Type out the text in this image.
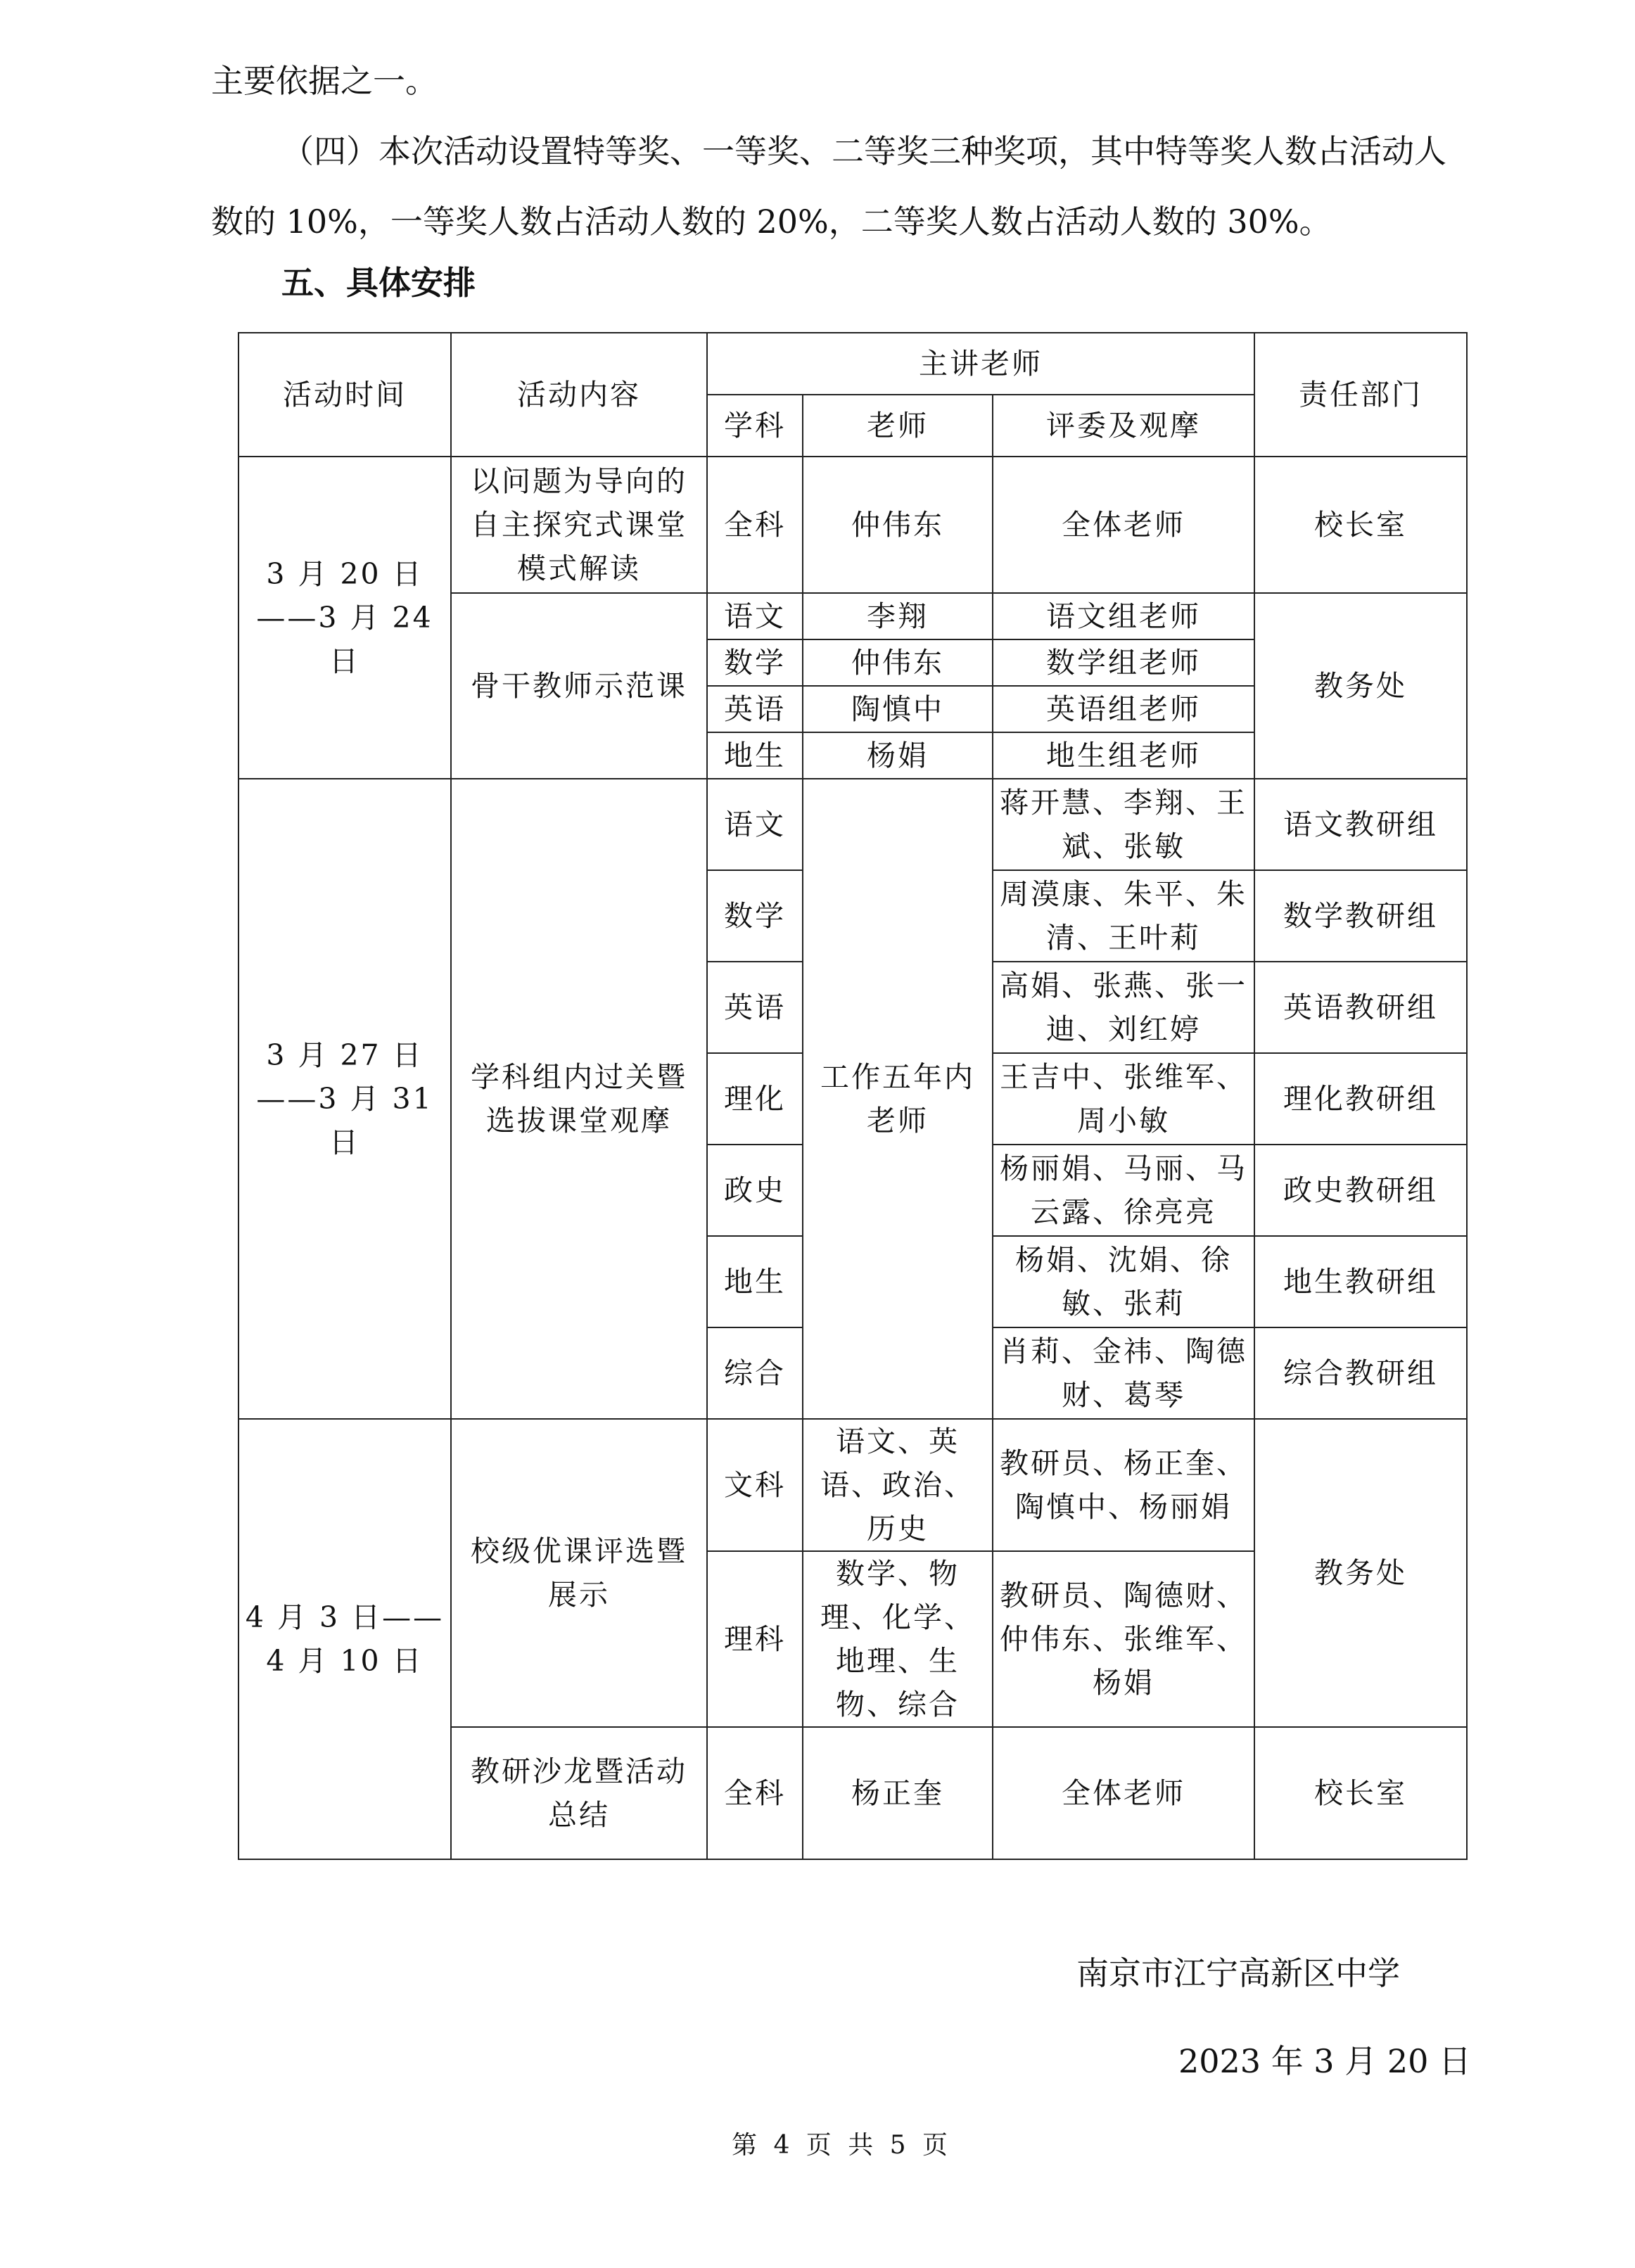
主要依据之一。

（四）本次活动设置特等奖、一等奖、二等奖三种奖项，其中特等奖人数占活动人数的 10%，一等奖人数占活动人数的 20%，二等奖人数占活动人数的 30%。

五、具体安排
活动时间	活动内容	主讲老师			责任部门
		学科	老师	评委及观摩	
3 月 20 日——3 月 24 日	以问题为导向的自主探究式课堂模式解读	全科	仲伟东	全体老师	校长室
	骨干教师示范课	语文	李翔	语文组老师	教务处
		数学	仲伟东	数学组老师	
		英语	陶慎中	英语组老师	
		地生	杨娟	地生组老师	
3 月 27 日——3 月 31 日	学科组内过关暨选拔课堂观摩	语文	工作五年内老师	蒋开慧、李翔、王斌、张敏	语文教研组
		数学		周漠康、朱平、朱清、王叶莉	数学教研组
		英语		高娟、张燕、张一迪、刘红婷	英语教研组
		理化		王吉中、张维军、周小敏	理化教研组
		政史		杨丽娟、马丽、马云露、徐亮亮	政史教研组
		地生		杨娟、沈娟、徐敏、张莉	地生教研组
		综合		肖莉、金祎、陶德财、葛琴	综合教研组
4 月 3 日——4 月 10 日	校级优课评选暨展示	文科	语文、英语、政治、历史	教研员、杨正奎、陶慎中、杨丽娟	教务处
		理科	数学、物理、化学、地理、生物、综合	教研员、陶德财、仲伟东、张维军、杨娟	
	教研沙龙暨活动总结	全科	杨正奎	全体老师	校长室
南京市江宁高新区中学
2023 年 3 月 20 日
第 4 页 共 5 页
